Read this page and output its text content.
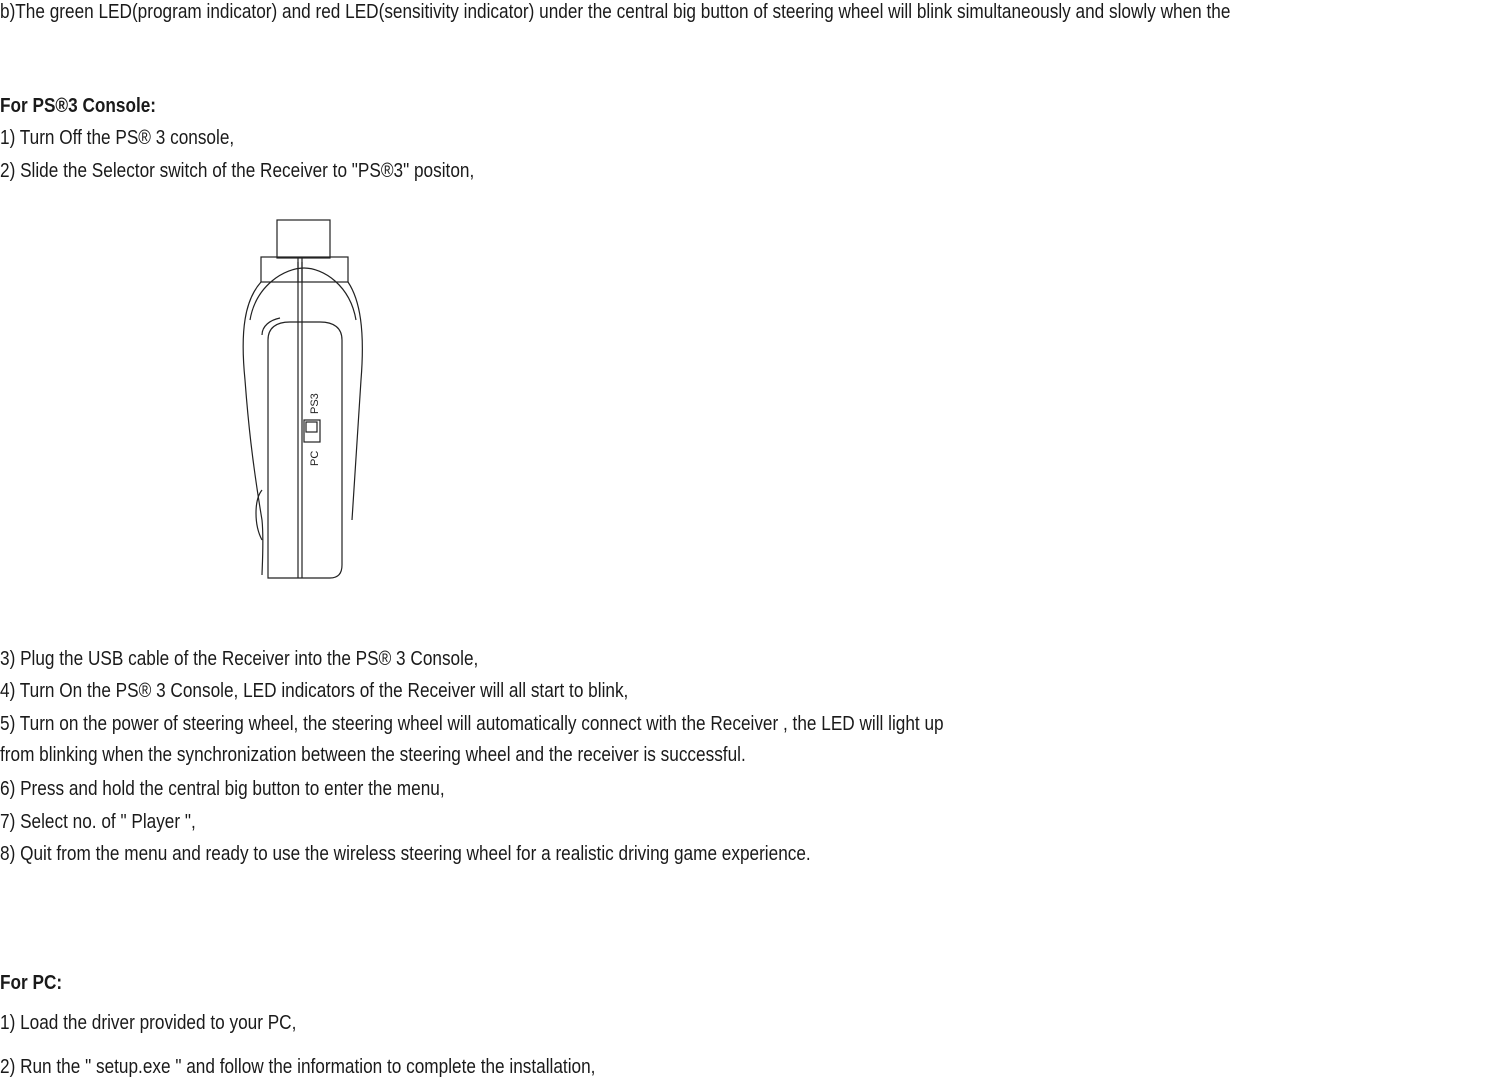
b)The green LED(program indicator) and red LED(sensitivity indicator) under the central big button of steering wheel will blink simultaneously and slowly when the
For PS®3 Console:
1) Turn Off the PS® 3 console,
2) Slide the Selector switch of the Receiver to "PS®3" positon,
PS3
PC
3) Plug the USB cable of the Receiver into the PS® 3 Console,
4) Turn On the PS® 3 Console, LED indicators of the Receiver will all start to blink,
5) Turn on the power of steering wheel, the steering wheel will automatically connect with the Receiver , the LED will light up
from blinking when the synchronization between the steering wheel and the receiver is successful.
6) Press and hold the central big button to enter the menu,
7) Select no. of " Player ",
8) Quit from the menu and ready to use the wireless steering wheel for a realistic driving game experience.
For PC:
1) Load the driver provided to your PC,
2) Run the " setup.exe " and follow the information to complete the installation,
